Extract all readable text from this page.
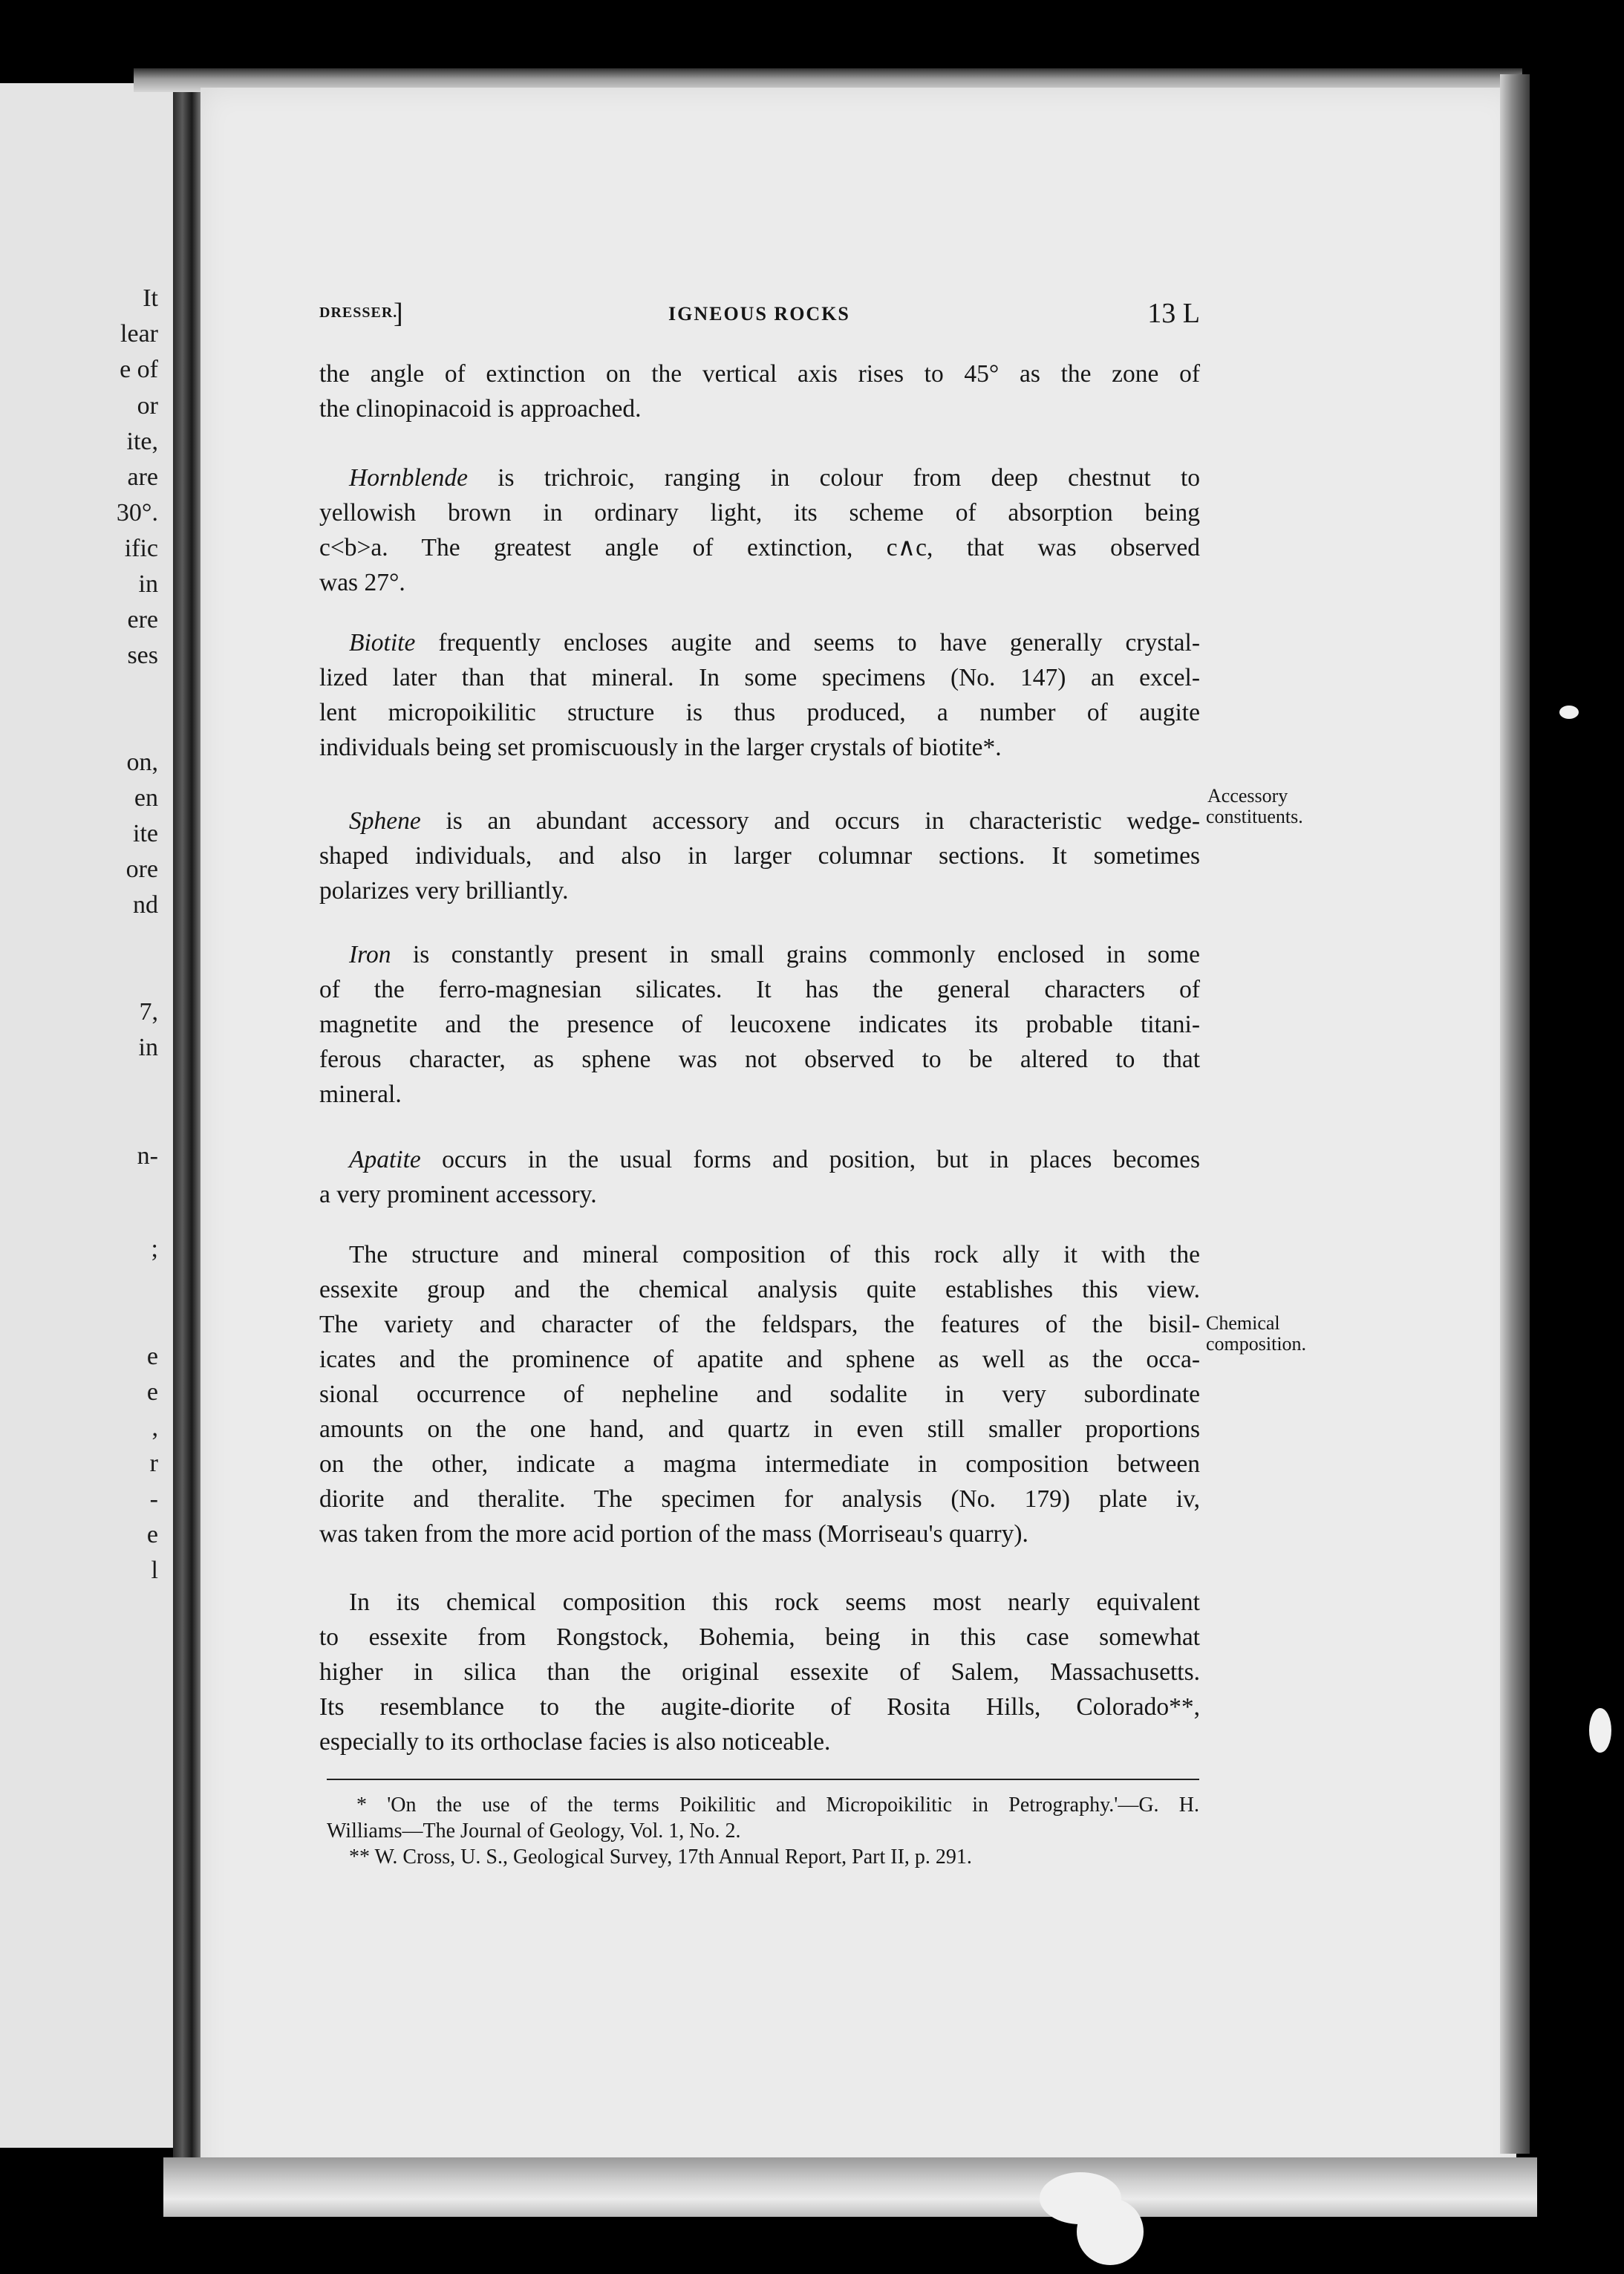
It
lear
e of
or
ite,
are
30°.
ific
in
ere
ses
on,
en
ite
ore
nd
7,
in
n-
;
e
e
,
r
-
e
l
DRESSER.
]	IGNEOUS ROCKS	13 L

the angle of extinction on the vertical axis rises to 45° as the zone of
the clinopinacoid is approached.

Hornblende is trichroic, ranging in colour from deep chestnut to
yellowish brown in ordinary light, its scheme of absorption being
c<b>a. The greatest angle of extinction, c∧c, that was observed
was 27°.

Biotite frequently encloses augite and seems to have generally crystal-
lized later than that mineral. In some specimens (No. 147) an excel-
lent micropoikilitic structure is thus produced, a number of augite
individuals being set promiscuously in the larger crystals of biotite*.

Sphene is an abundant accessory and occurs in characteristic wedge-
shaped individuals, and also in larger columnar sections. It sometimes
polarizes very brilliantly.

Accessory
constituents.

Iron is constantly present in small grains commonly enclosed in some
of the ferro-magnesian silicates. It has the general characters of
magnetite and the presence of leucoxene indicates its probable titani-
ferous character, as sphene was not observed to be altered to that
mineral.

Apatite occurs in the usual forms and position, but in places becomes
a very prominent accessory.

The structure and mineral composition of this rock ally it with the
essexite group and the chemical analysis quite establishes this view.
The variety and character of the feldspars, the features of the bisil-
icates and the prominence of apatite and sphene as well as the occa-
sional occurrence of nepheline and sodalite in very subordinate
amounts on the one hand, and quartz in even still smaller proportions
on the other, indicate a magma intermediate in composition between
diorite and theralite. The specimen for analysis (No. 179) plate iv,
was taken from the more acid portion of the mass (Morriseau's quarry).

Chemical
composition.

In its chemical composition this rock seems most nearly equivalent
to essexite from Rongstock, Bohemia, being in this case somewhat
higher in silica than the original essexite of Salem, Massachusetts.
Its resemblance to the augite-diorite of Rosita Hills, Colorado**,
especially to its orthoclase facies is also noticeable.

* 'On the use of the terms Poikilitic and Micropoikilitic in Petrography.'—G. H.
Williams—The Journal of Geology, Vol. 1, No. 2.
** W. Cross, U. S., Geological Survey, 17th Annual Report, Part II, p. 291.
